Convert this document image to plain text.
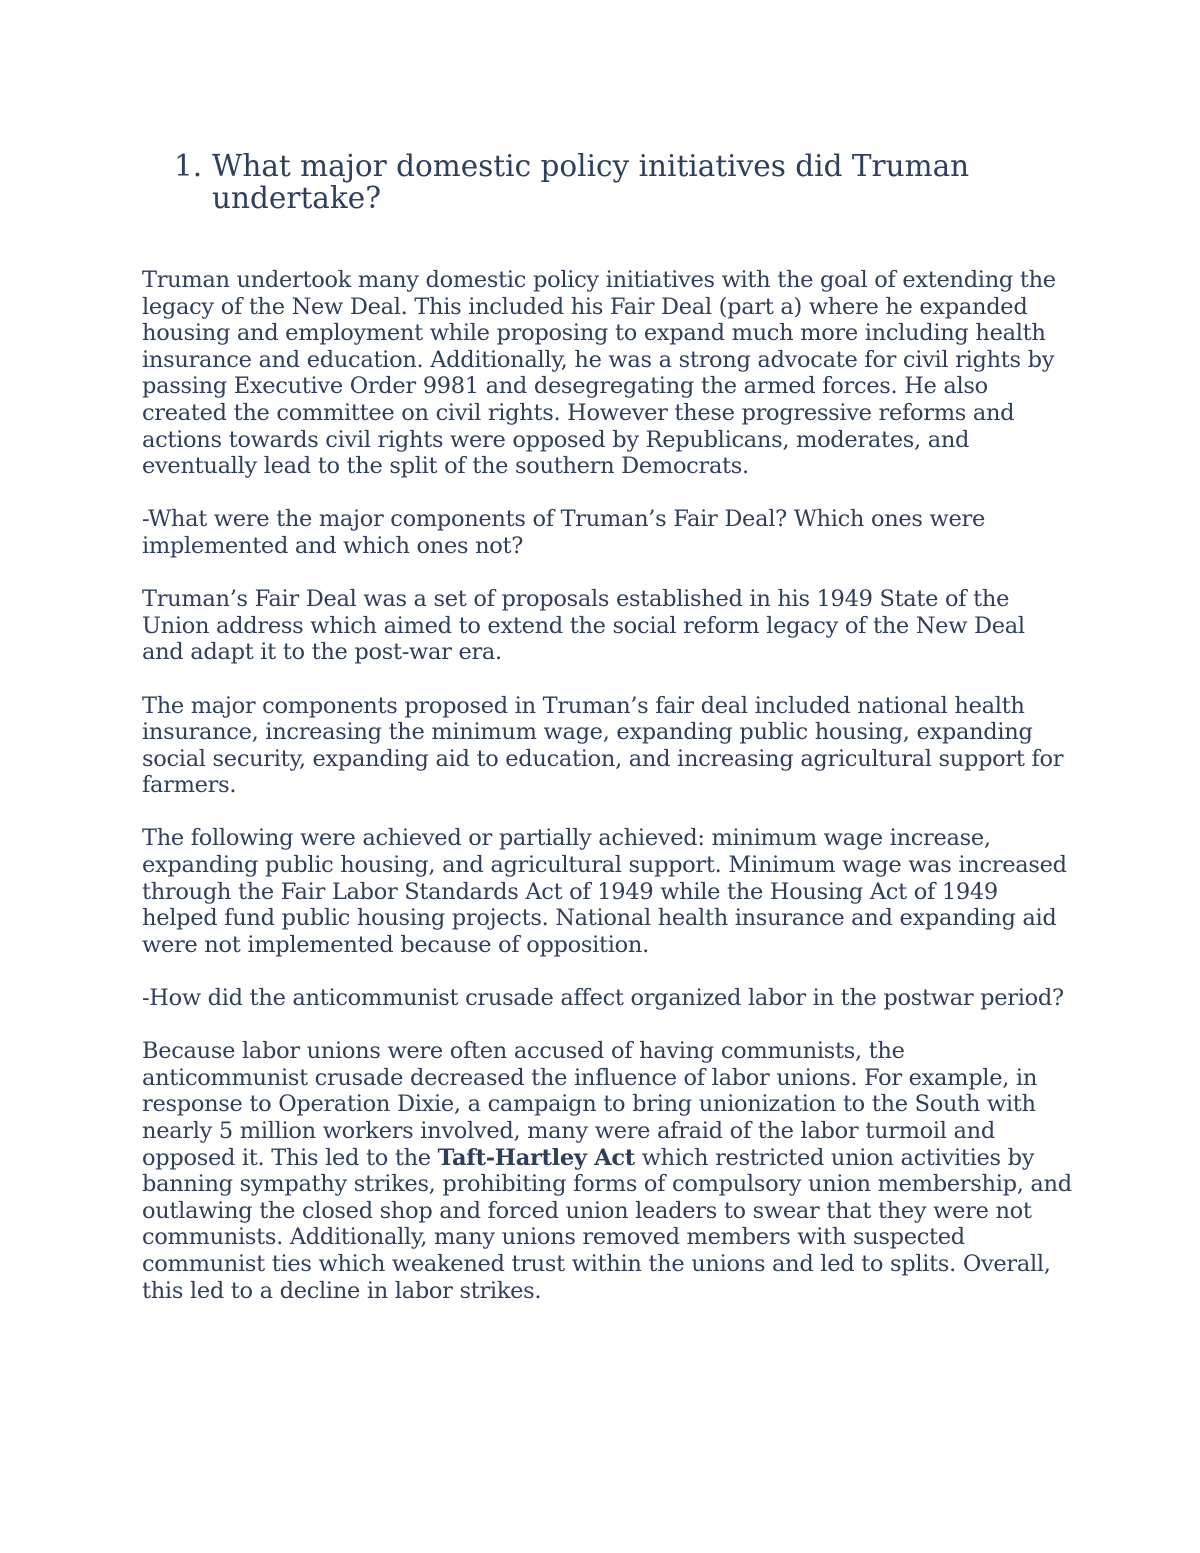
1. What major domestic policy initiatives did Truman undertake?

Truman undertook many domestic policy initiatives with the goal of extending the legacy of the New Deal. This included his Fair Deal (part a) where he expanded housing and employment while proposing to expand much more including health insurance and education. Additionally, he was a strong advocate for civil rights by passing Executive Order 9981 and desegregating the armed forces. He also created the committee on civil rights. However these progressive reforms and actions towards civil rights were opposed by Republicans, moderates, and eventually lead to the split of the southern Democrats.

-What were the major components of Truman’s Fair Deal? Which ones were implemented and which ones not?

Truman’s Fair Deal was a set of proposals established in his 1949 State of the Union address which aimed to extend the social reform legacy of the New Deal and adapt it to the post-war era.

The major components proposed in Truman’s fair deal included national health insurance, increasing the minimum wage, expanding public housing, expanding social security, expanding aid to education, and increasing agricultural support for farmers.

The following were achieved or partially achieved: minimum wage increase, expanding public housing, and agricultural support. Minimum wage was increased through the Fair Labor Standards Act of 1949 while the Housing Act of 1949 helped fund public housing projects. National health insurance and expanding aid were not implemented because of opposition.

-How did the anticommunist crusade affect organized labor in the postwar period?

Because labor unions were often accused of having communists, the anticommunist crusade decreased the influence of labor unions. For example, in response to Operation Dixie, a campaign to bring unionization to the South with nearly 5 million workers involved, many were afraid of the labor turmoil and opposed it. This led to the Taft-Hartley Act which restricted union activities by banning sympathy strikes, prohibiting forms of compulsory union membership, and outlawing the closed shop and forced union leaders to swear that they were not communists. Additionally, many unions removed members with suspected communist ties which weakened trust within the unions and led to splits. Overall, this led to a decline in labor strikes.
